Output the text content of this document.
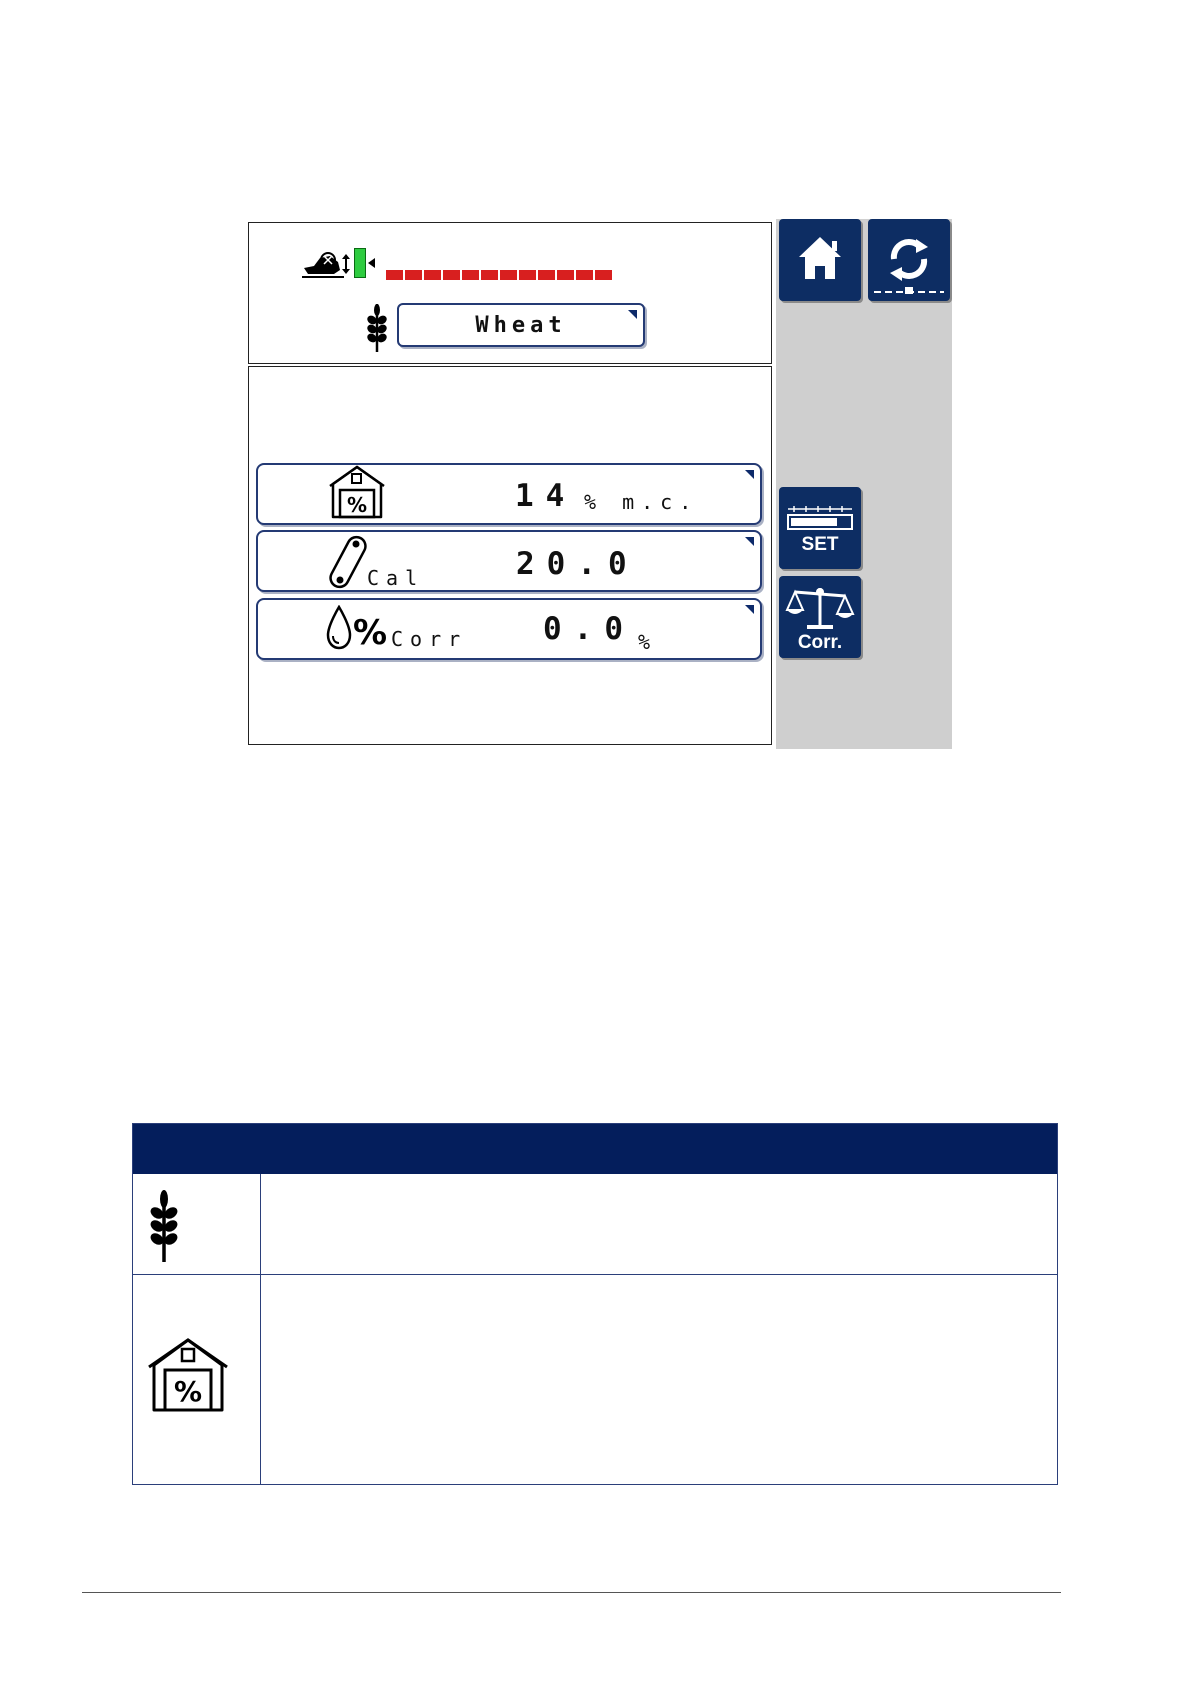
Wheat
%	14 % m.c.
Cal	20.0
% Corr 0.0 %
SET
Corr.
%
